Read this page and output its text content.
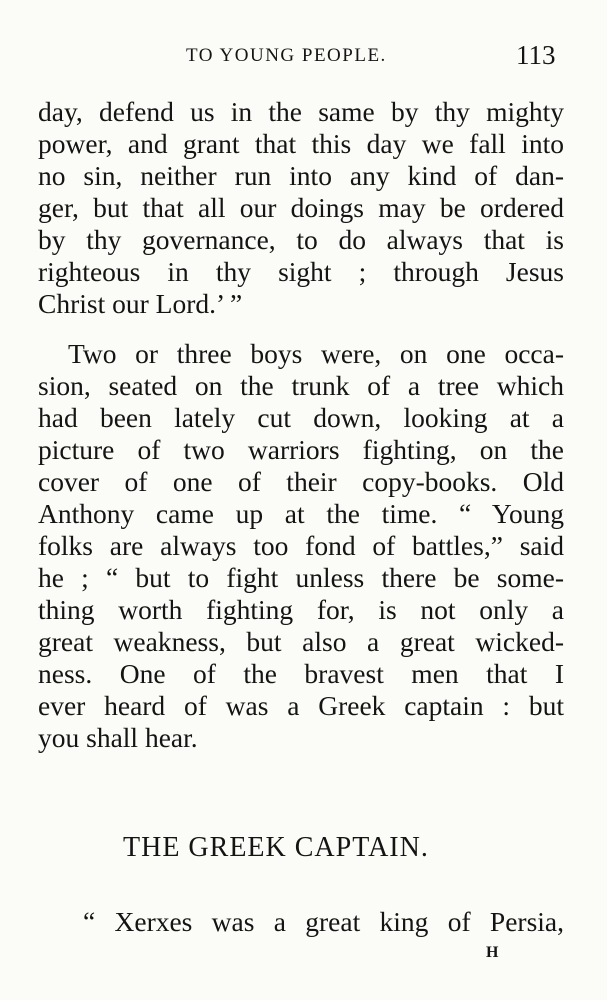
TO YOUNG PEOPLE.	113
day, defend us in the same by thy mighty
power, and grant that this day we fall into
no sin, neither run into any kind of dan-
ger, but that all our doings may be ordered
by thy governance, to do always that is
righteous in thy sight ; through Jesus
Christ our Lord.’ ”
Two or three boys were, on one occa-
sion, seated on the trunk of a tree which
had been lately cut down, looking at a
picture of two warriors fighting, on the
cover of one of their copy-books. Old
Anthony came up at the time. “ Young
folks are always too fond of battles,” said
he ; “ but to fight unless there be some-
thing worth fighting for, is not only a
great weakness, but also a great wicked-
ness. One of the bravest men that I
ever heard of was a Greek captain : but
you shall hear.
THE GREEK CAPTAIN.
“ Xerxes was a great king of Persia,
H
